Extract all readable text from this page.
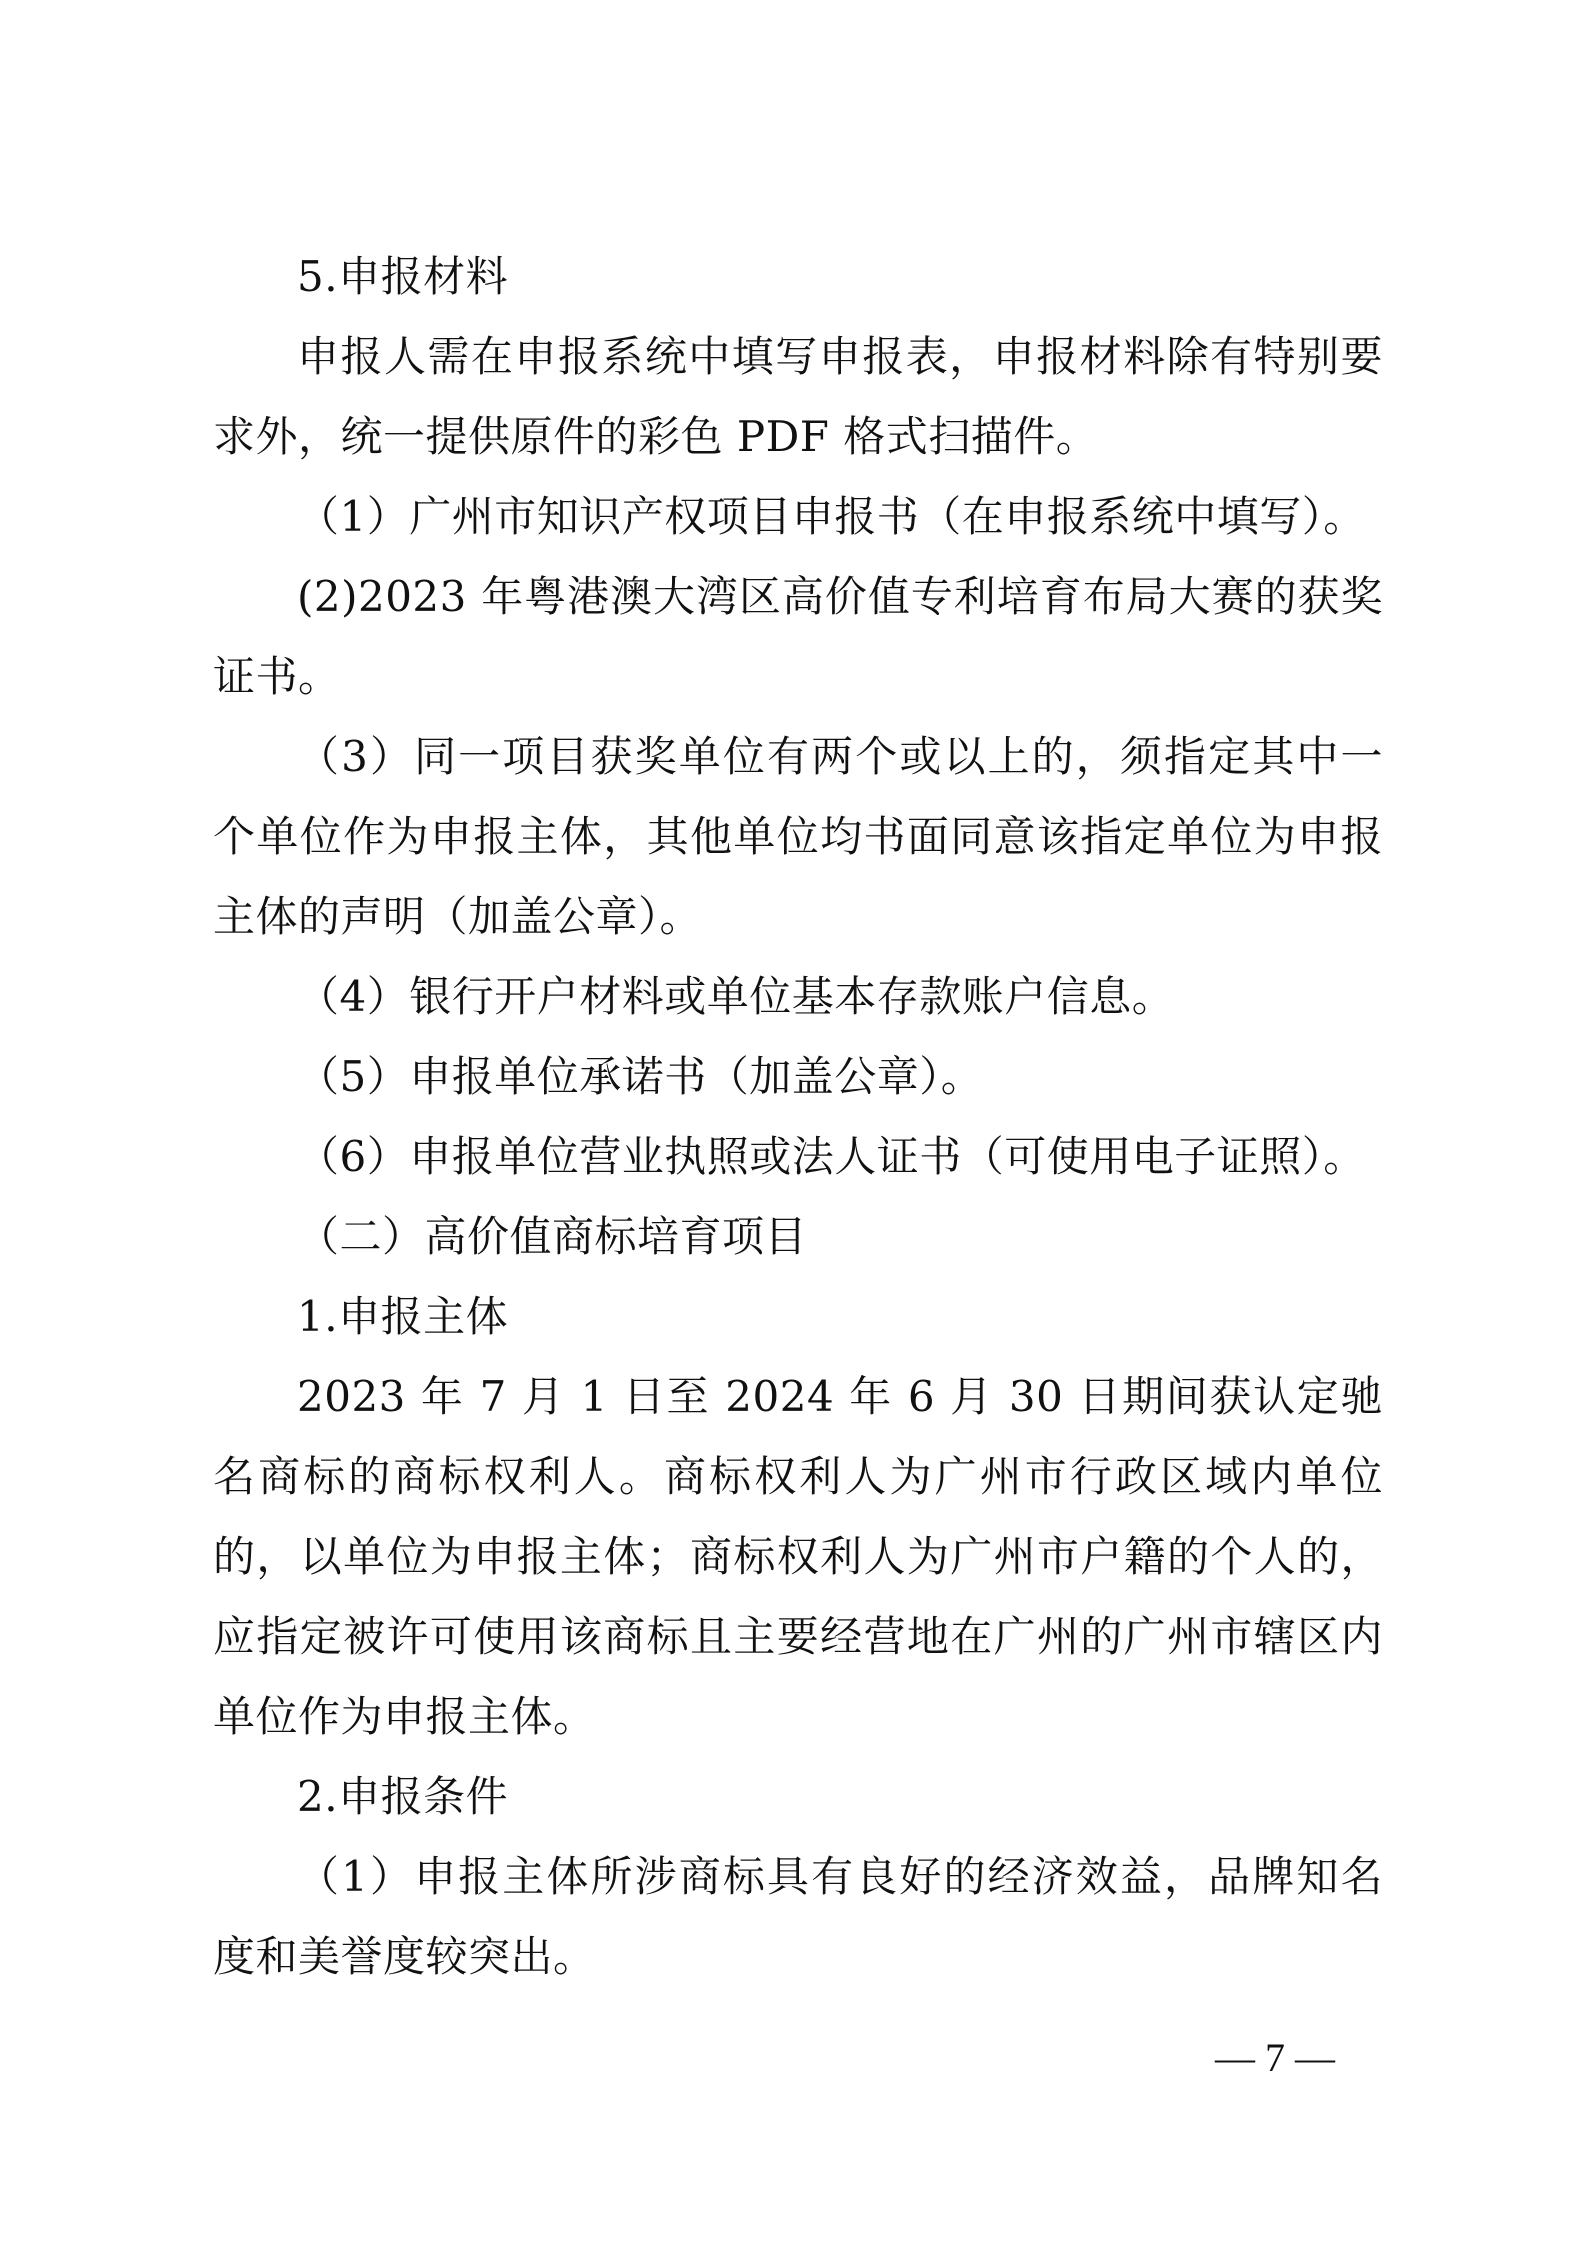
5.申报材料

申报人需在申报系统中填写申报表，申报材料除有特别要求外，统一提供原件的彩色 PDF 格式扫描件。

（1）广州市知识产权项目申报书（在申报系统中填写）。

(2)2023 年粤港澳大湾区高价值专利培育布局大赛的获奖证书。

（3）同一项目获奖单位有两个或以上的，须指定其中一个单位作为申报主体，其他单位均书面同意该指定单位为申报主体的声明（加盖公章）。

（4）银行开户材料或单位基本存款账户信息。

（5）申报单位承诺书（加盖公章）。

（6）申报单位营业执照或法人证书（可使用电子证照）。

（二）高价值商标培育项目

1.申报主体

2023 年 7 月 1 日至 2024 年 6 月 30 日期间获认定驰名商标的商标权利人。商标权利人为广州市行政区域内单位的，以单位为申报主体；商标权利人为广州市户籍的个人的，应指定被许可使用该商标且主要经营地在广州的广州市辖区内单位作为申报主体。

2.申报条件

（1）申报主体所涉商标具有良好的经济效益，品牌知名度和美誉度较突出。

— 7 —
